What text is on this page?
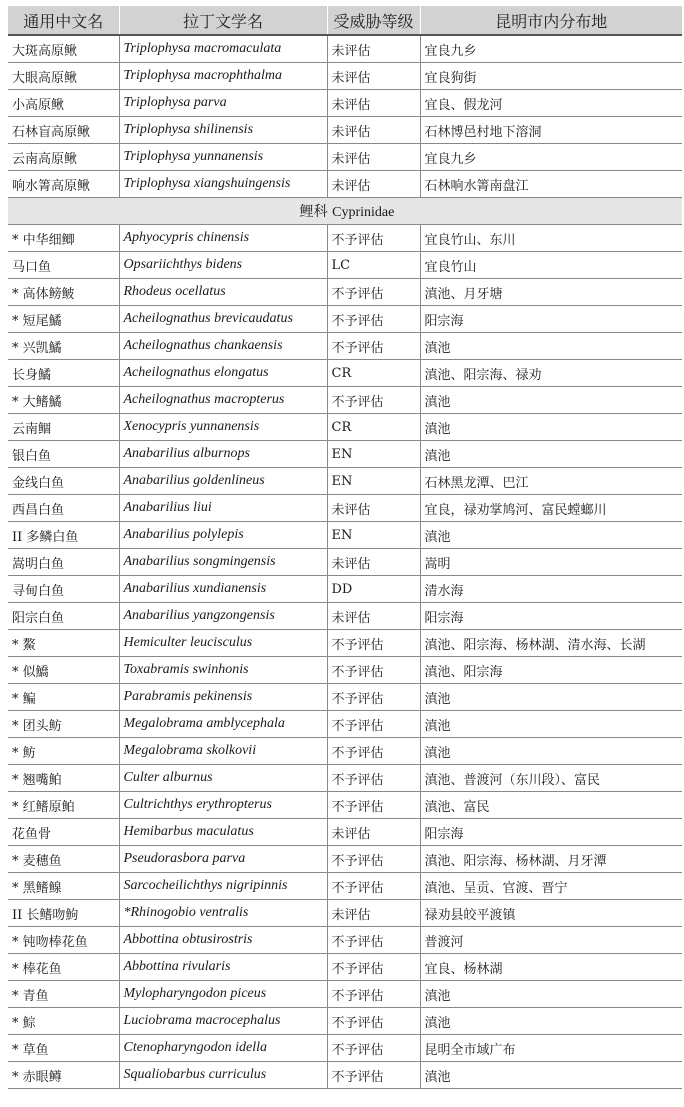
通用中文名	拉丁文学名	受威胁等级	昆明市内分布地
大斑高原鳅	Triplophysa macromaculata	未评估	宜良九乡
大眼高原鳅	Triplophysa macrophthalma	未评估	宜良狗街
小高原鳅	Triplophysa parva	未评估	宜良、假龙河
石林盲高原鳅	Triplophysa shilinensis	未评估	石林博邑村地下溶洞
云南高原鳅	Triplophysa yunnanensis	未评估	宜良九乡
响水箐高原鳅	Triplophysa xiangshuingensis	未评估	石林响水箐南盘江
鲤科 Cyprinidae			
* 中华细鲫	Aphyocypris chinensis	不予评估	宜良竹山、东川
马口鱼	Opsariichthys bidens	LC	宜良竹山
* 高体鳑鲏	Rhodeus ocellatus	不予评估	滇池、月牙塘
* 短尾鱊	Acheilognathus brevicaudatus	不予评估	阳宗海
* 兴凯鱊	Acheilognathus chankaensis	不予评估	滇池
长身鱊	Acheilognathus elongatus	CR	滇池、阳宗海、禄劝
* 大鳍鱊	Acheilognathus macropterus	不予评估	滇池
云南鲴	Xenocypris yunnanensis	CR	滇池
银白鱼	Anabarilius alburnops	EN	滇池
金线白鱼	Anabarilius goldenlineus	EN	石林黑龙潭、巴江
西昌白鱼	Anabarilius liui	未评估	宜良，禄劝掌鸠河、富民螳螂川
II 多鳞白鱼	Anabarilius polylepis	EN	滇池
嵩明白鱼	Anabarilius songmingensis	未评估	嵩明
寻甸白鱼	Anabarilius xundianensis	DD	清水海
阳宗白鱼	Anabarilius yangzongensis	未评估	阳宗海
* 鰲	Hemiculter leucisculus	不予评估	滇池、阳宗海、杨林湖、清水海、长湖
* 似鱎	Toxabramis swinhonis	不予评估	滇池、阳宗海
* 鳊	Parabramis pekinensis	不予评估	滇池
* 团头鲂	Megalobrama amblycephala	不予评估	滇池
* 鲂	Megalobrama skolkovii	不予评估	滇池
* 翘嘴鲌	Culter alburnus	不予评估	滇池、普渡河（东川段）、富民
* 红鳍原鲌	Cultrichthys erythropterus	不予评估	滇池、富民
花鱼骨	Hemibarbus maculatus	未评估	阳宗海
* 麦穗鱼	Pseudorasbora parva	不予评估	滇池、阳宗海、杨林湖、月牙潭
* 黑鳍鳈	Sarcocheilichthys nigripinnis	不予评估	滇池、呈贡、官渡、晋宁
II 长鳍吻鮈	*Rhinogobio ventralis	未评估	禄劝县皎平渡镇
* 钝吻棒花鱼	Abbottina obtusirostris	不予评估	普渡河
* 棒花鱼	Abbottina rivularis	不予评估	宜良、杨林湖
* 青鱼	Mylopharyngodon piceus	不予评估	滇池
* 鯮	Luciobrama macrocephalus	不予评估	滇池
* 草鱼	Ctenopharyngodon idella	不予评估	昆明全市域广布
* 赤眼鳟	Squaliobarbus curriculus	不予评估	滇池
